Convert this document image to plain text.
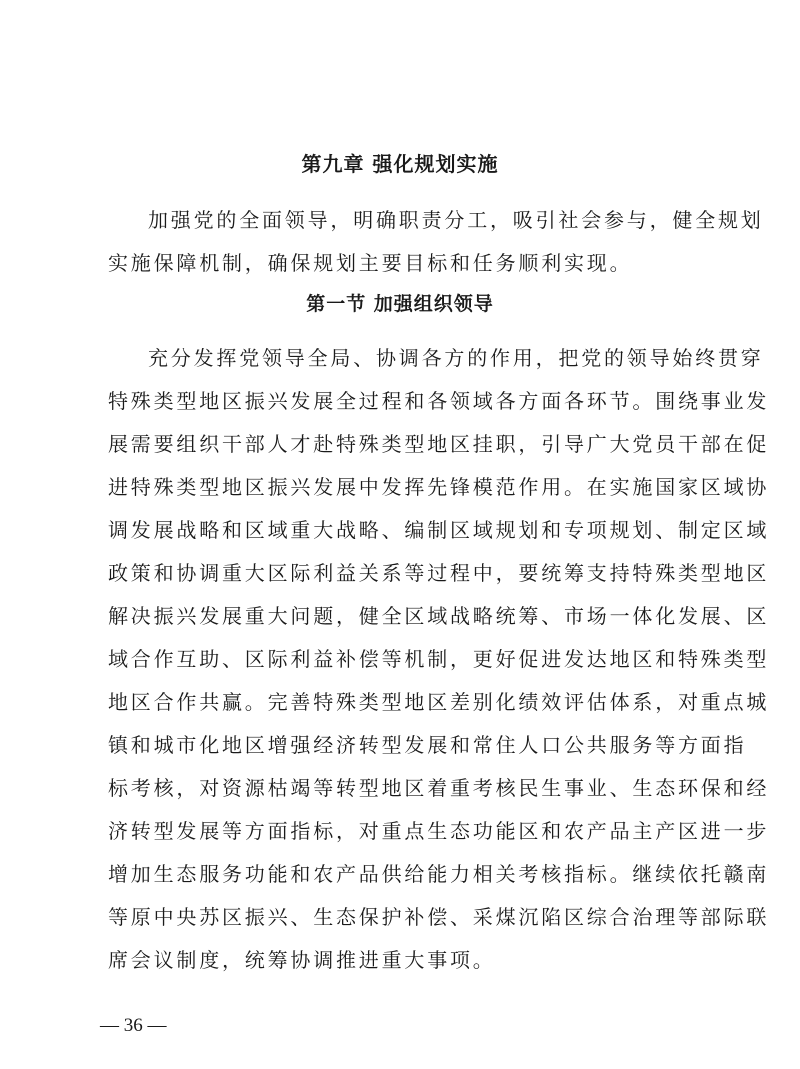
第九章 强化规划实施
加强党的全面领导，明确职责分工，吸引社会参与，健全规划
实施保障机制，确保规划主要目标和任务顺利实现。
第一节 加强组织领导
充分发挥党领导全局、协调各方的作用，把党的领导始终贯穿
特殊类型地区振兴发展全过程和各领域各方面各环节。围绕事业发
展需要组织干部人才赴特殊类型地区挂职，引导广大党员干部在促
进特殊类型地区振兴发展中发挥先锋模范作用。在实施国家区域协
调发展战略和区域重大战略、编制区域规划和专项规划、制定区域
政策和协调重大区际利益关系等过程中，要统筹支持特殊类型地区
解决振兴发展重大问题，健全区域战略统筹、市场一体化发展、区
域合作互助、区际利益补偿等机制，更好促进发达地区和特殊类型
地区合作共赢。完善特殊类型地区差别化绩效评估体系，对重点城
镇和城市化地区增强经济转型发展和常住人口公共服务等方面指
标考核，对资源枯竭等转型地区着重考核民生事业、生态环保和经
济转型发展等方面指标，对重点生态功能区和农产品主产区进一步
增加生态服务功能和农产品供给能力相关考核指标。继续依托赣南
等原中央苏区振兴、生态保护补偿、采煤沉陷区综合治理等部际联
席会议制度，统筹协调推进重大事项。
— 36 —
